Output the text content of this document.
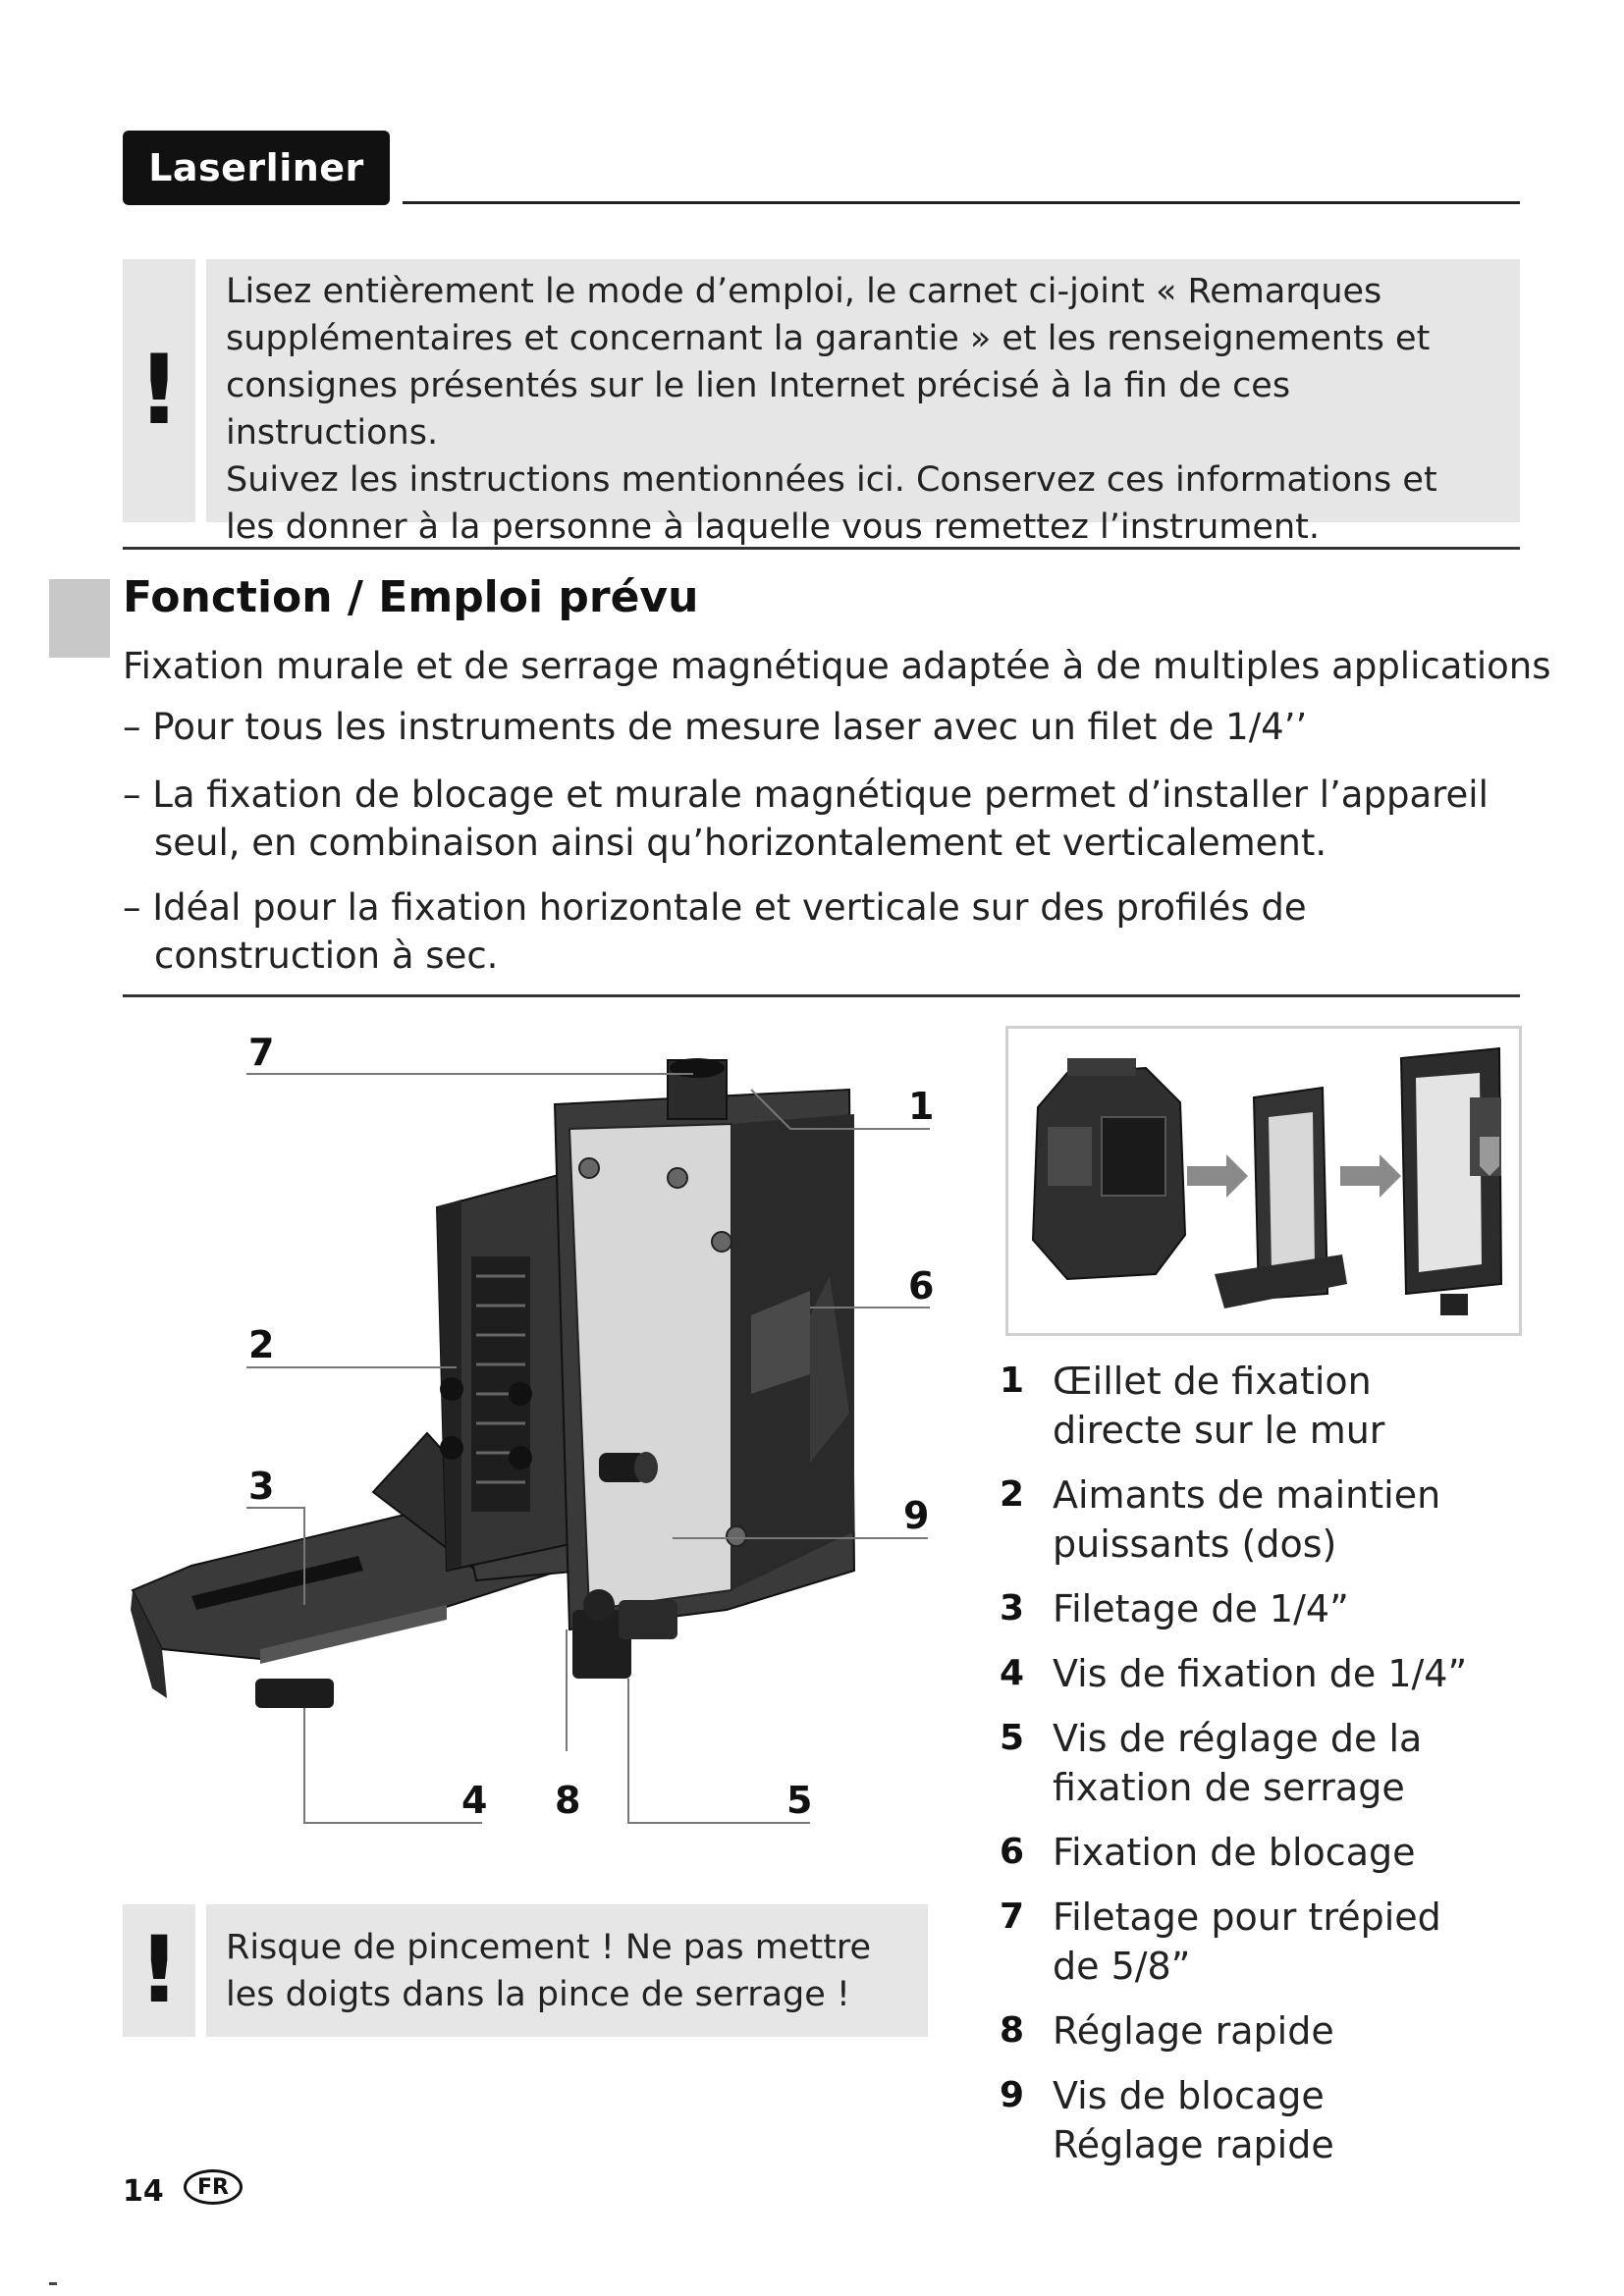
Laserliner
!
Lisez entièrement le mode d’emploi, le carnet ci-joint « Remarques
supplémentaires et concernant la garantie » et les renseignements et
consignes présentés sur le lien Internet précisé à la fin de ces instructions.
Suivez les instructions mentionnées ici. Conservez ces informations et
les donner à la personne à laquelle vous remettez l’instrument.
Fonction / Emploi prévu
Fixation murale et de serrage magnétique adaptée à de multiples applications
– Pour tous les instruments de mesure laser avec un filet de 1/4’’
– La fixation de blocage et murale magnétique permet d’installer l’appareil
seul, en combinaison ainsi qu’horizontalement et verticalement.
– Idéal pour la fixation horizontale et verticale sur des profilés de
construction à sec.
7
1
6
2
3
9
4 8	5
1 Œillet de fixation
directe sur le mur
2 Aimants de maintien
puissants (dos)
3 Filetage de 1/4”
4 Vis de fixation de 1/4”
5 Vis de réglage de la
fixation de serrage
6 Fixation de blocage
7 Filetage pour trépied
de 5/8”
8 Réglage rapide
9 Vis de blocage
Réglage rapide
! Risque de pincement ! Ne pas mettre
les doigts dans la pince de serrage !
14	FR
